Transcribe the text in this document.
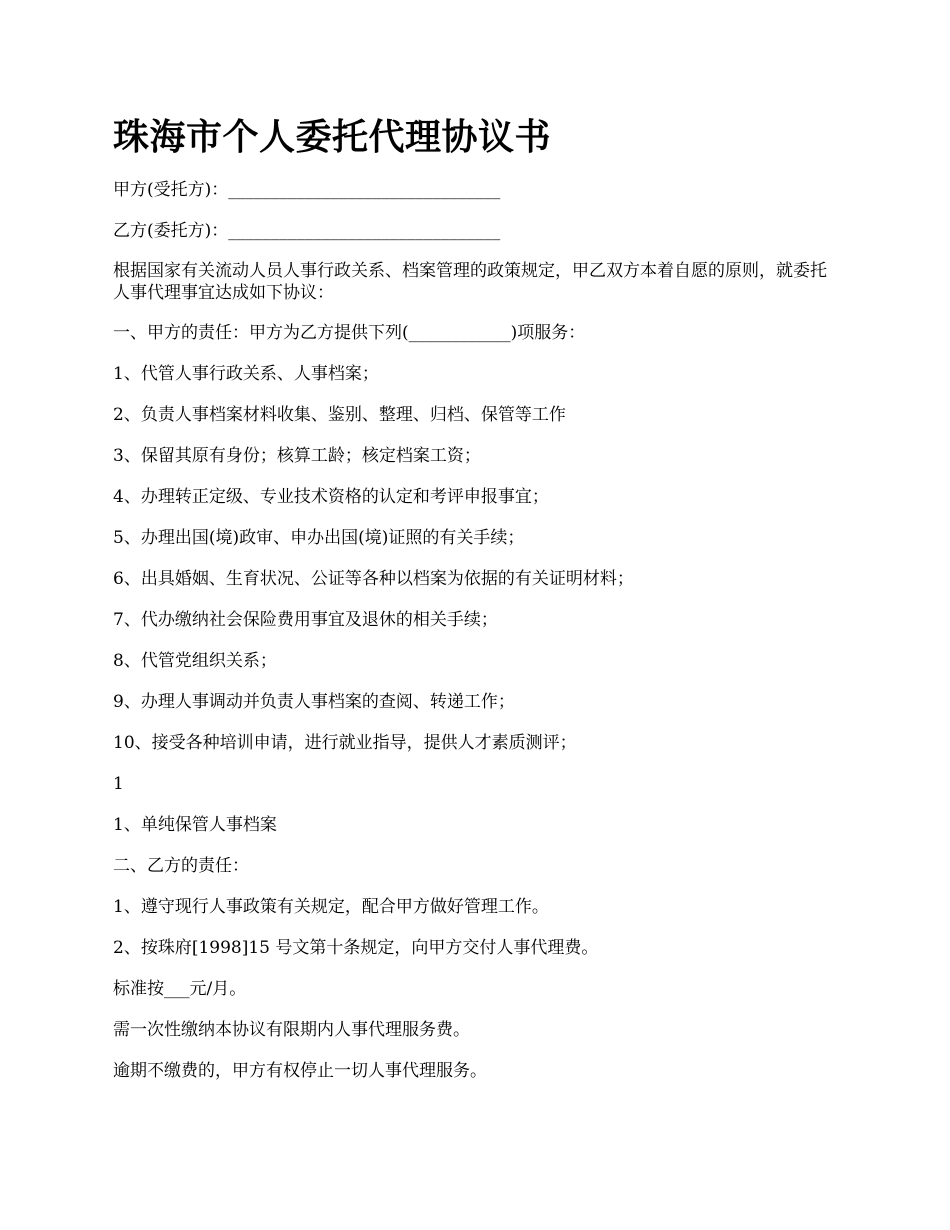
珠海市个人委托代理协议书
甲方(受托方)：________________________________
乙方(委托方)：________________________________
根据国家有关流动人员人事行政关系、档案管理的政策规定，甲乙双方本着自愿的原则，就委托人事代理事宜达成如下协议：
一、甲方的责任：甲方为乙方提供下列(____________)项服务：
1、代管人事行政关系、人事档案；
2、负责人事档案材料收集、鉴别、整理、归档、保管等工作
3、保留其原有身份；核算工龄；核定档案工资；
4、办理转正定级、专业技术资格的认定和考评申报事宜；
5、办理出国(境)政审、申办出国(境)证照的有关手续；
6、出具婚姻、生育状况、公证等各种以档案为依据的有关证明材料；
7、代办缴纳社会保险费用事宜及退休的相关手续；
8、代管党组织关系；
9、办理人事调动并负责人事档案的查阅、转递工作；
10、接受各种培训申请，进行就业指导，提供人才素质测评；
1
1、单纯保管人事档案
二、乙方的责任：
1、遵守现行人事政策有关规定，配合甲方做好管理工作。
2、按珠府[1998]15 号文第十条规定，向甲方交付人事代理费。
标准按___元/月。
需一次性缴纳本协议有限期内人事代理服务费。
逾期不缴费的，甲方有权停止一切人事代理服务。
